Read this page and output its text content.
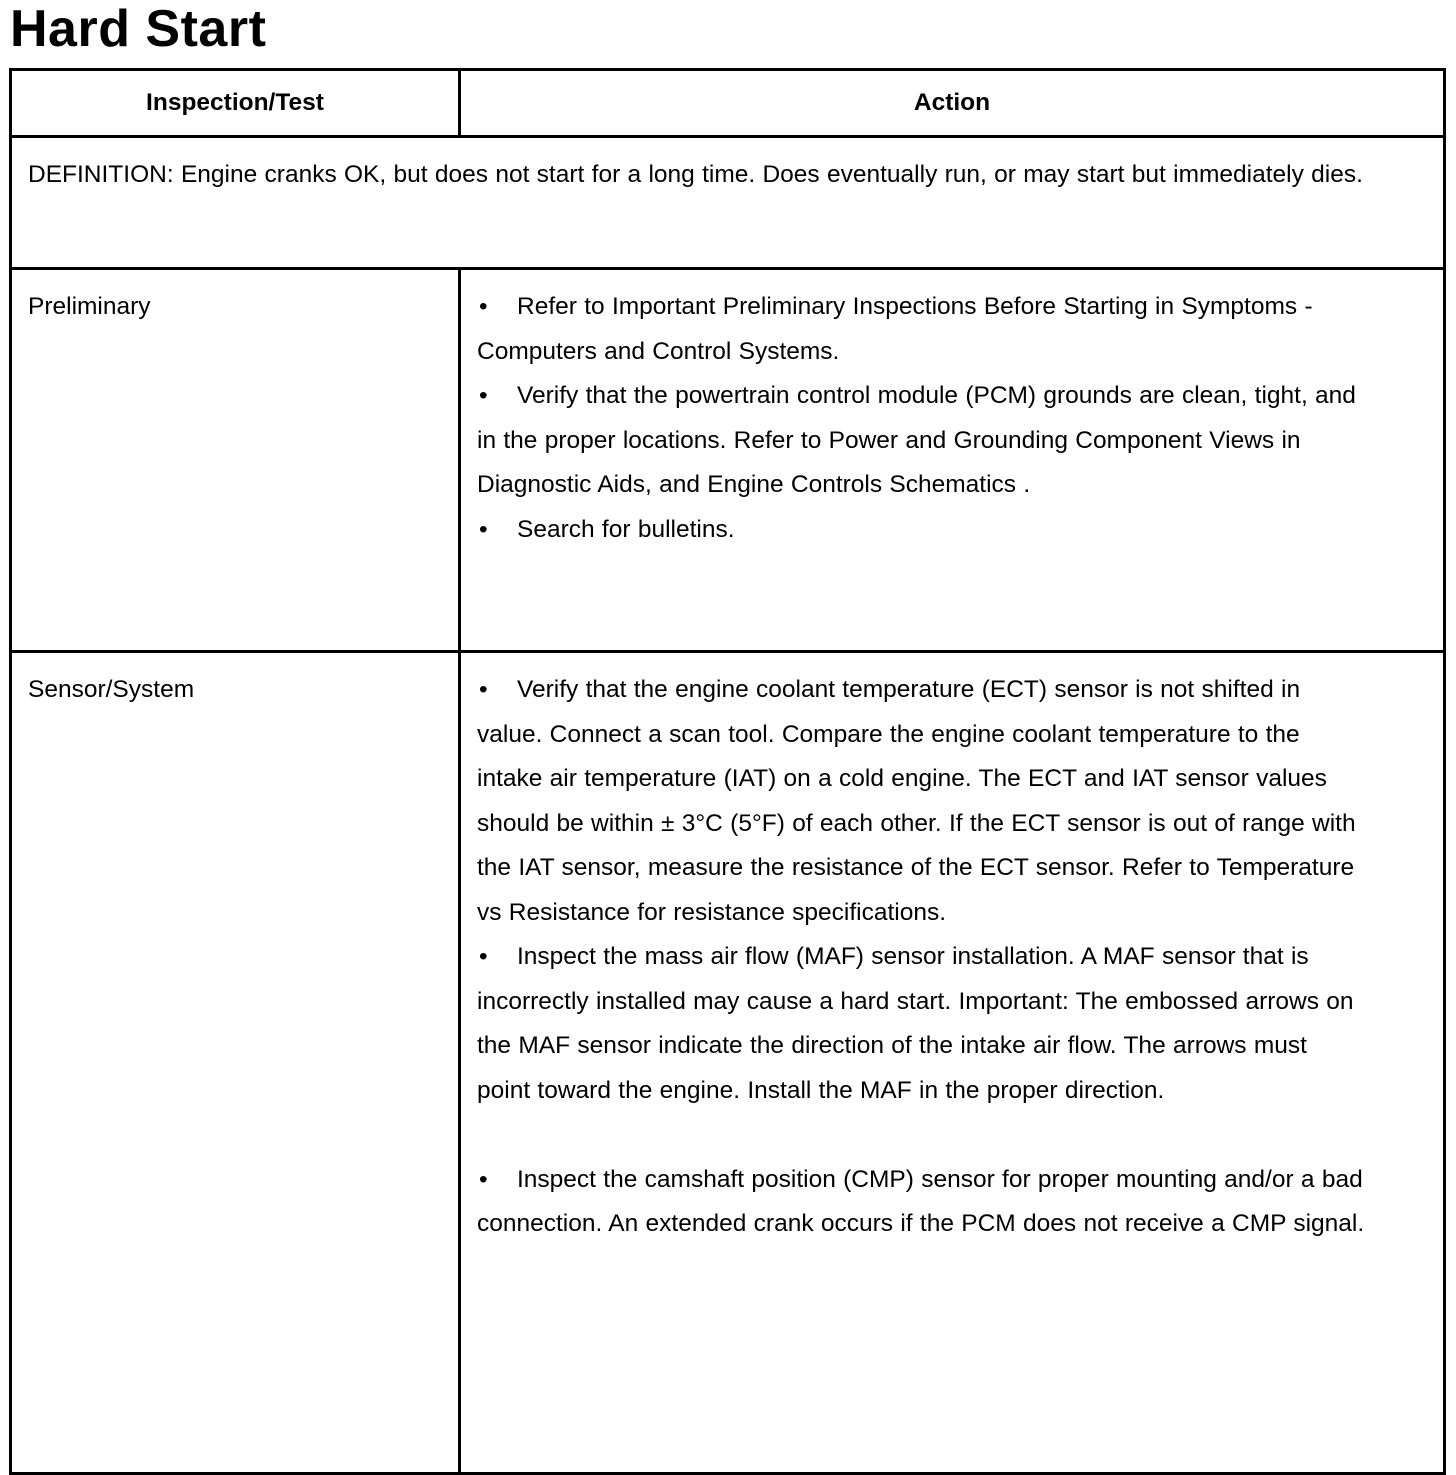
Hard Start
Inspection/Test	Action
DEFINITION: Engine cranks OK, but does not start for a long time. Does eventually run, or may start but immediately dies.	
Preliminary	• Refer to Important Preliminary Inspections Before Starting in Symptoms - Computers and Control Systems.
• Verify that the powertrain control module (PCM) grounds are clean, tight, and in the proper locations. Refer to Power and Grounding Component Views in Diagnostic Aids, and Engine Controls Schematics .
• Search for bulletins.

Sensor/System	• Verify that the engine coolant temperature (ECT) sensor is not shifted in value. Connect a scan tool. Compare the engine coolant temperature to the intake air temperature (IAT) on a cold engine. The ECT and IAT sensor values should be within ± 3°C (5°F) of each other. If the ECT sensor is out of range with the IAT sensor, measure the resistance of the ECT sensor. Refer to Temperature vs Resistance for resistance specifications.
• Inspect the mass air flow (MAF) sensor installation. A MAF sensor that is incorrectly installed may cause a hard start. Important: The embossed arrows on the MAF sensor indicate the direction of the intake air flow. The arrows must point toward the engine. Install the MAF in the proper direction.
• Inspect the camshaft position (CMP) sensor for proper mounting and/or a bad connection. An extended crank occurs if the PCM does not receive a CMP signal.
